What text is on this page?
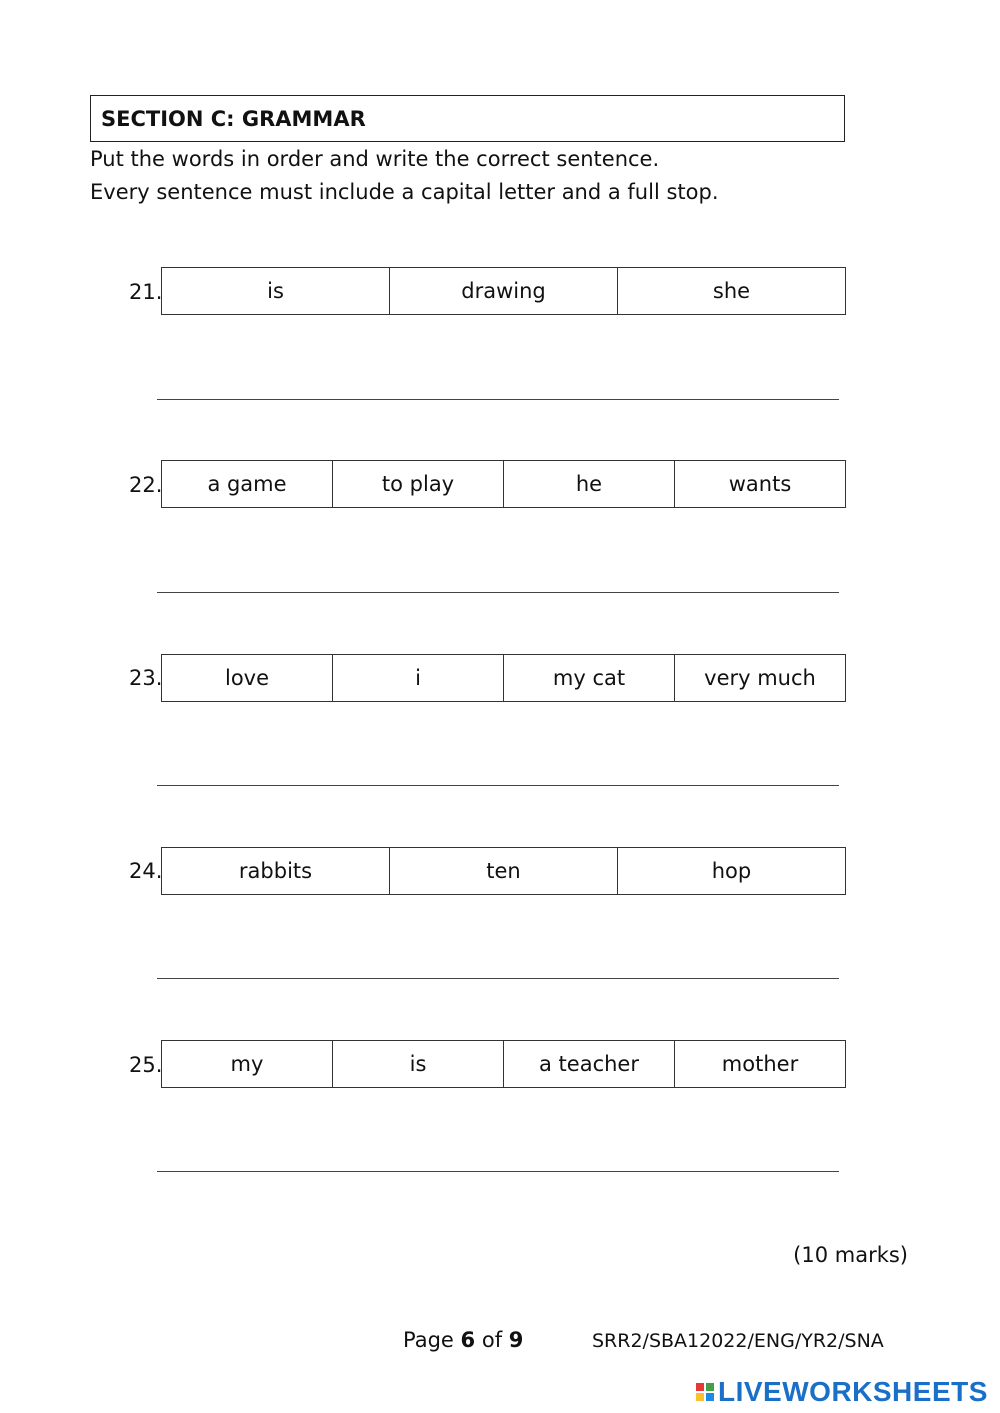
SECTION C: GRAMMAR
Put the words in order and write the correct sentence.
Every sentence must include a capital letter and a full stop.
21.	is	drawing	she
22.	a game	to play	he	wants
23.	love	i	my cat	very much
24.	rabbits	ten	hop
25.	my	is	a teacher	mother
(10 marks)
Page 6 of 9	SRR2/SBA12022/ENG/YR2/SNA
LIVEWORKSHEETS
